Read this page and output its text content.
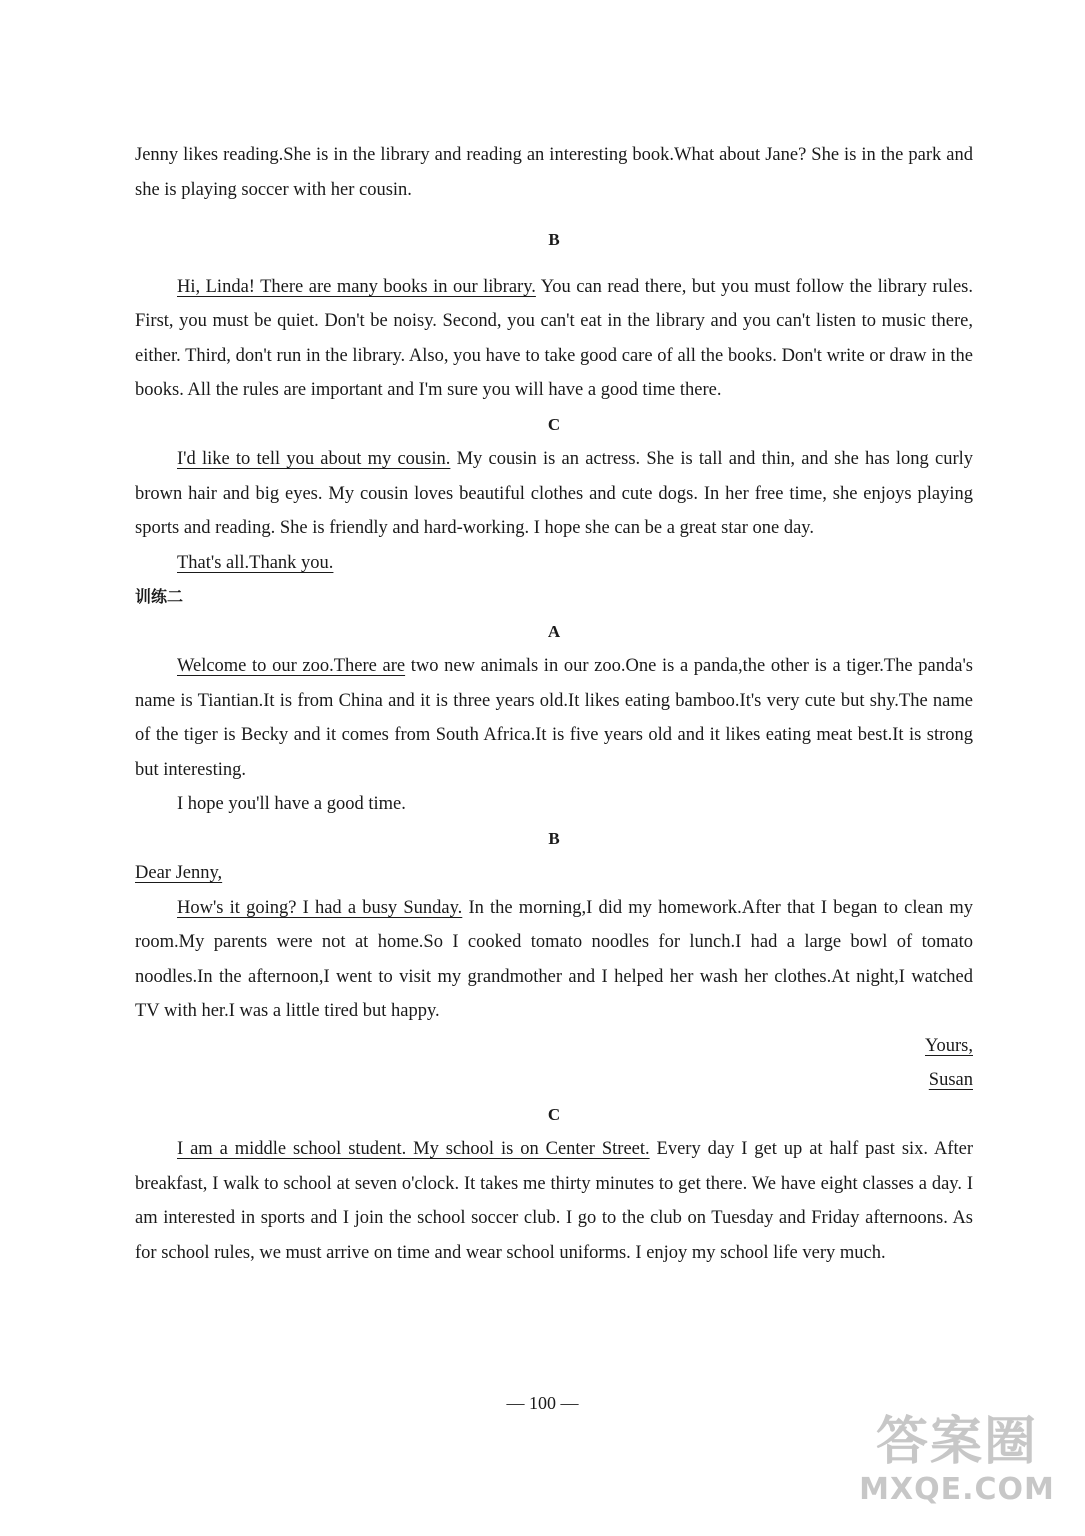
Jenny likes reading.She is in the library and reading an interesting book.What about Jane? She is in the park and she is playing soccer with her cousin.

B

Hi, Linda! There are many books in our library. You can read there, but you must follow the library rules. First, you must be quiet. Don't be noisy. Second, you can't eat in the library and you can't listen to music there, either. Third, don't run in the library. Also, you have to take good care of all the books. Don't write or draw in the books. All the rules are important and I'm sure you will have a good time there.

C

I'd like to tell you about my cousin. My cousin is an actress. She is tall and thin, and she has long curly brown hair and big eyes. My cousin loves beautiful clothes and cute dogs. In her free time, she enjoys playing sports and reading. She is friendly and hard-working. I hope she can be a great star one day.

That's all.Thank you.

训练二

A

Welcome to our zoo.There are two new animals in our zoo.One is a panda,the other is a tiger.The panda's name is Tiantian.It is from China and it is three years old.It likes eating bamboo.It's very cute but shy.The name of the tiger is Becky and it comes from South Africa.It is five years old and it likes eating meat best.It is strong but interesting.

I hope you'll have a good time.

B

Dear Jenny,

How's it going? I had a busy Sunday. In the morning,I did my homework.After that I began to clean my room.My parents were not at home.So I cooked tomato noodles for lunch.I had a large bowl of tomato noodles.In the afternoon,I went to visit my grandmother and I helped her wash her clothes.At night,I watched TV with her.I was a little tired but happy.

Yours,

Susan

C

I am a middle school student. My school is on Center Street. Every day I get up at half past six. After breakfast, I walk to school at seven o'clock. It takes me thirty minutes to get there. We have eight classes a day. I am interested in sports and I join the school soccer club. I go to the club on Tuesday and Friday afternoons. As for school rules, we must arrive on time and wear school uniforms. I enjoy my school life very much.

— 100 —
答案圈
MXQE.COM
